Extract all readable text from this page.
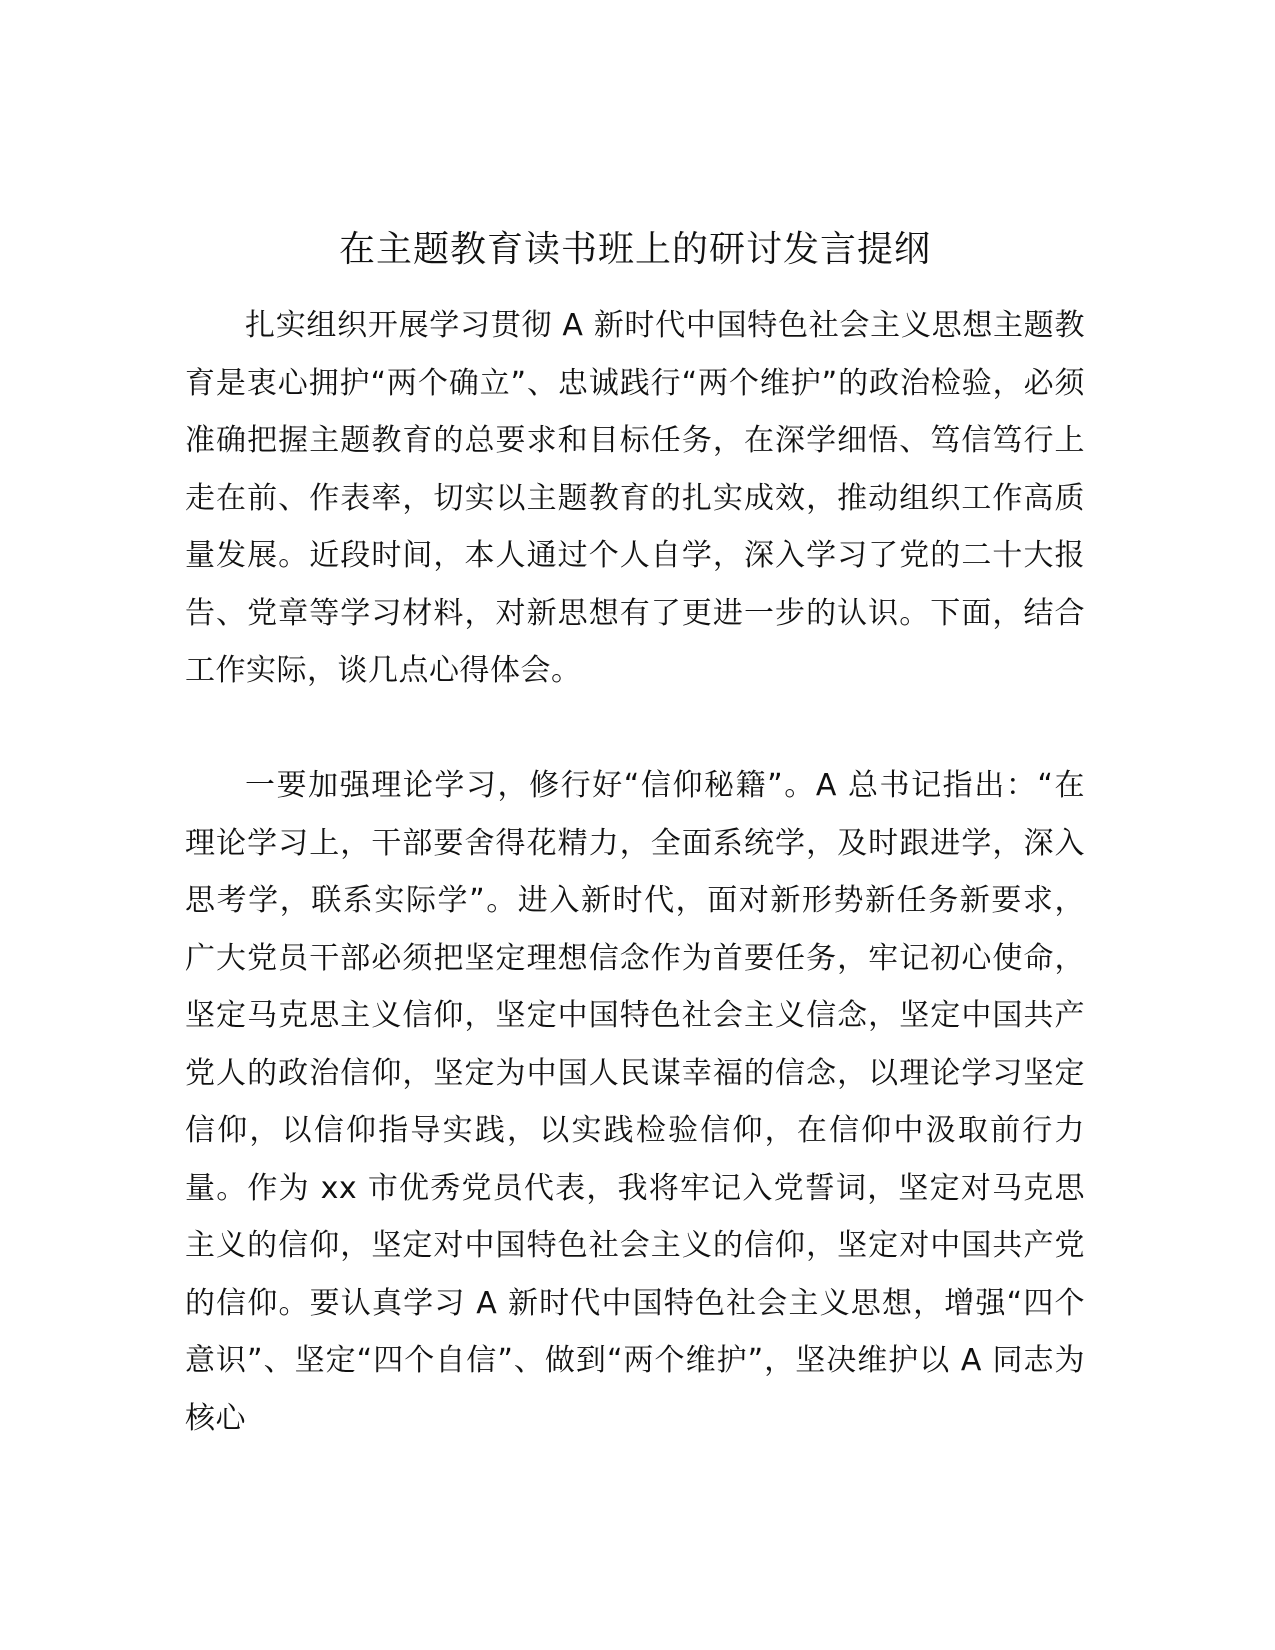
在主题教育读书班上的研讨发言提纲

扎实组织开展学习贯彻 A 新时代中国特色社会主义思想主题教育是衷心拥护“两个确立”、忠诚践行“两个维护”的政治检验，必须准确把握主题教育的总要求和目标任务，在深学细悟、笃信笃行上走在前、作表率，切实以主题教育的扎实成效，推动组织工作高质量发展。近段时间，本人通过个人自学，深入学习了党的二十大报告、党章等学习材料，对新思想有了更进一步的认识。下面，结合工作实际，谈几点心得体会。

一要加强理论学习，修行好“信仰秘籍”。A 总书记指出：“在理论学习上，干部要舍得花精力，全面系统学，及时跟进学，深入思考学，联系实际学”。进入新时代，面对新形势新任务新要求，广大党员干部必须把坚定理想信念作为首要任务，牢记初心使命，坚定马克思主义信仰，坚定中国特色社会主义信念，坚定中国共产党人的政治信仰，坚定为中国人民谋幸福的信念，以理论学习坚定信仰，以信仰指导实践，以实践检验信仰，在信仰中汲取前行力量。作为 xx 市优秀党员代表，我将牢记入党誓词，坚定对马克思主义的信仰，坚定对中国特色社会主义的信仰，坚定对中国共产党的信仰。要认真学习 A 新时代中国特色社会主义思想，增强“四个意识”、坚定“四个自信”、做到“两个维护”，坚决维护以 A 同志为核心
